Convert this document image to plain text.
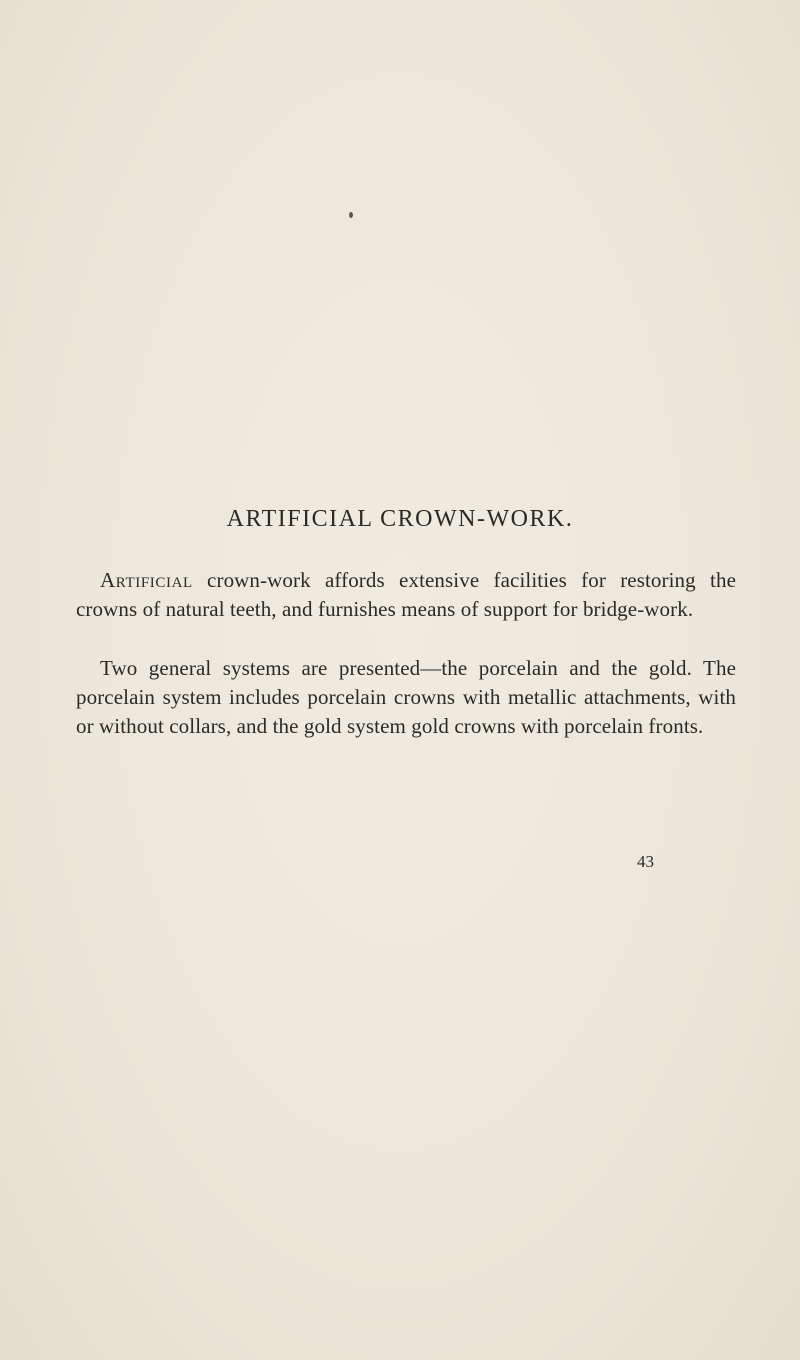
ARTIFICIAL CROWN-WORK.

Artificial crown-work affords extensive facilities for restoring the crowns of natural teeth, and furnishes means of support for bridge-work.

Two general systems are presented—the porcelain and the gold. The porcelain system includes porcelain crowns with metallic attachments, with or without collars, and the gold system gold crowns with porcelain fronts.

43
